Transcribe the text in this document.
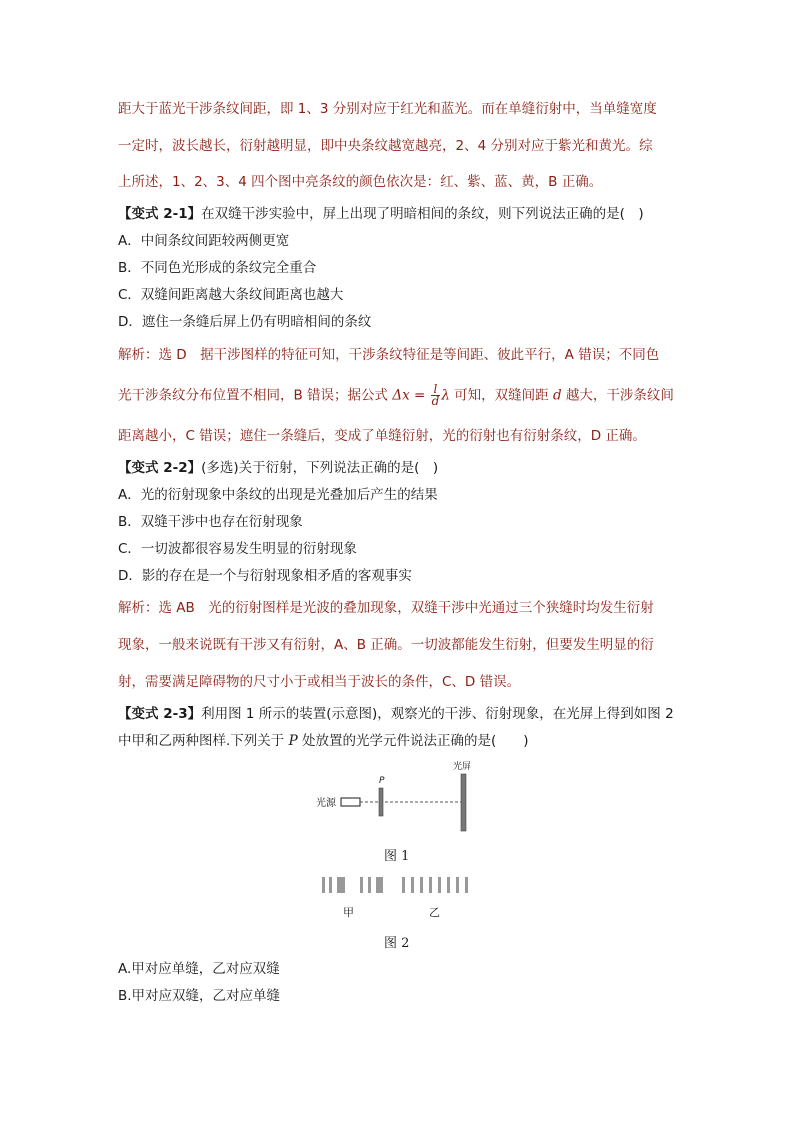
距大于蓝光干涉条纹间距，即 1、3 分别对应于红光和蓝光。而在单缝衍射中，当单缝宽度
一定时，波长越长，衍射越明显，即中央条纹越宽越亮，2、4 分别对应于紫光和黄光。综
上所述，1、2、3、4 四个图中亮条纹的颜色依次是：红、紫、蓝、黄，B 正确。
【变式 2-1】在双缝干涉实验中，屏上出现了明暗相间的条纹，则下列说法正确的是(　)
A．中间条纹间距较两侧更宽
B．不同色光形成的条纹完全重合
C．双缝间距离越大条纹间距离也越大
D．遮住一条缝后屏上仍有明暗相间的条纹
解析：选 D　据干涉图样的特征可知，干涉条纹特征是等间距、彼此平行，A 错误；不同色
光干涉条纹分布位置不相同，B 错误；据公式 $\Delta x = \frac{l}{d}$ λ 可知，双缝间距 d 越大，干涉条纹间
距离越小，C 错误；遮住一条缝后，变成了单缝衍射，光的衍射也有衍射条纹，D 正确。
【变式 2-2】(多选)关于衍射，下列说法正确的是(　)
A．光的衍射现象中条纹的出现是光叠加后产生的结果
B．双缝干涉中也存在衍射现象
C．一切波都很容易发生明显的衍射现象
D．影的存在是一个与衍射现象相矛盾的客观事实
解析：选 AB　光的衍射图样是光波的叠加现象，双缝干涉中光通过三个狭缝时均发生衍射
现象，一般来说既有干涉又有衍射，A、B 正确。一切波都能发生衍射，但要发生明显的衍
射，需要满足障碍物的尺寸小于或相当于波长的条件，C、D 错误。
【变式 2-3】利用图 1 所示的装置(示意图)，观察光的干涉、衍射现象，在光屏上得到如图 2
中甲和乙两种图样.下列关于 P 处放置的光学元件说法正确的是(　　)
光源
P
光屏
图 1
甲	乙
图 2
A.甲对应单缝，乙对应双缝
B.甲对应双缝，乙对应单缝
